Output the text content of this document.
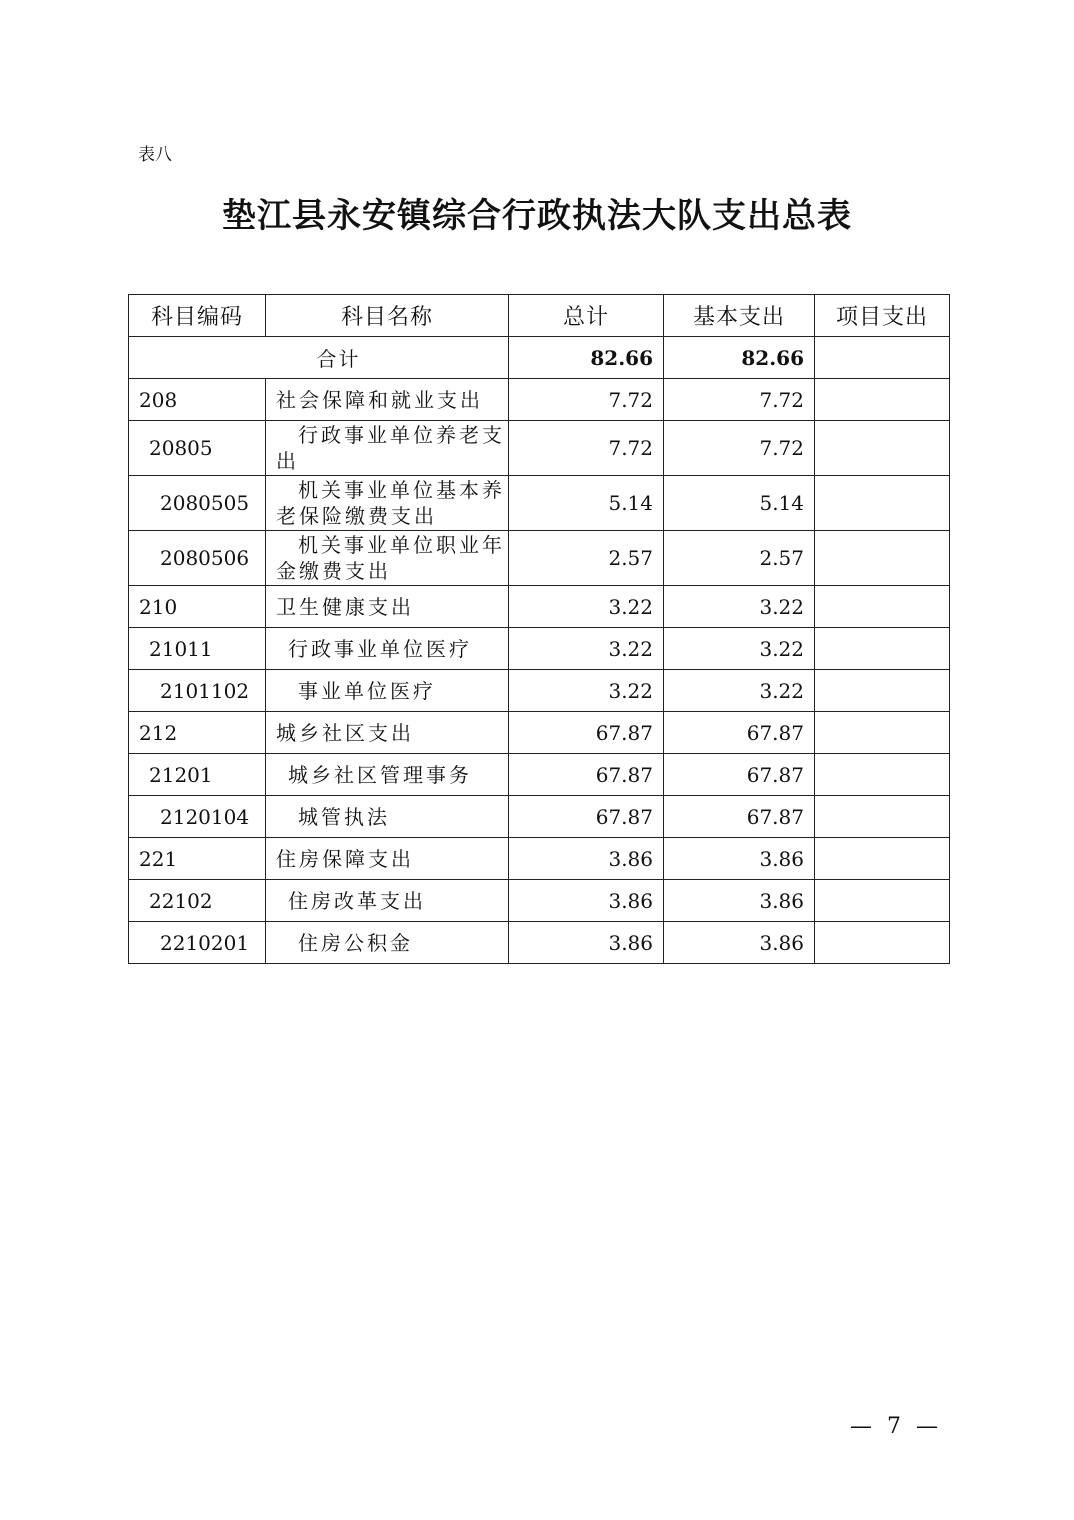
表八
垫江县永安镇综合行政执法大队支出总表
科目编码	科目名称	总计	基本支出	项目支出
合计		82.66	82.66	
208	社会保障和就业支出	7.72	7.72	
20805	行政事业单位养老支出	7.72	7.72	
2080505	机关事业单位基本养老保险缴费支出	5.14	5.14	
2080506	机关事业单位职业年金缴费支出	2.57	2.57	
210	卫生健康支出	3.22	3.22	
21011	行政事业单位医疗	3.22	3.22	
2101102	事业单位医疗	3.22	3.22	
212	城乡社区支出	67.87	67.87	
21201	城乡社区管理事务	67.87	67.87	
2120104	城管执法	67.87	67.87	
221	住房保障支出	3.86	3.86	
22102	住房改革支出	3.86	3.86	
2210201	住房公积金	3.86	3.86	
— 7 —
